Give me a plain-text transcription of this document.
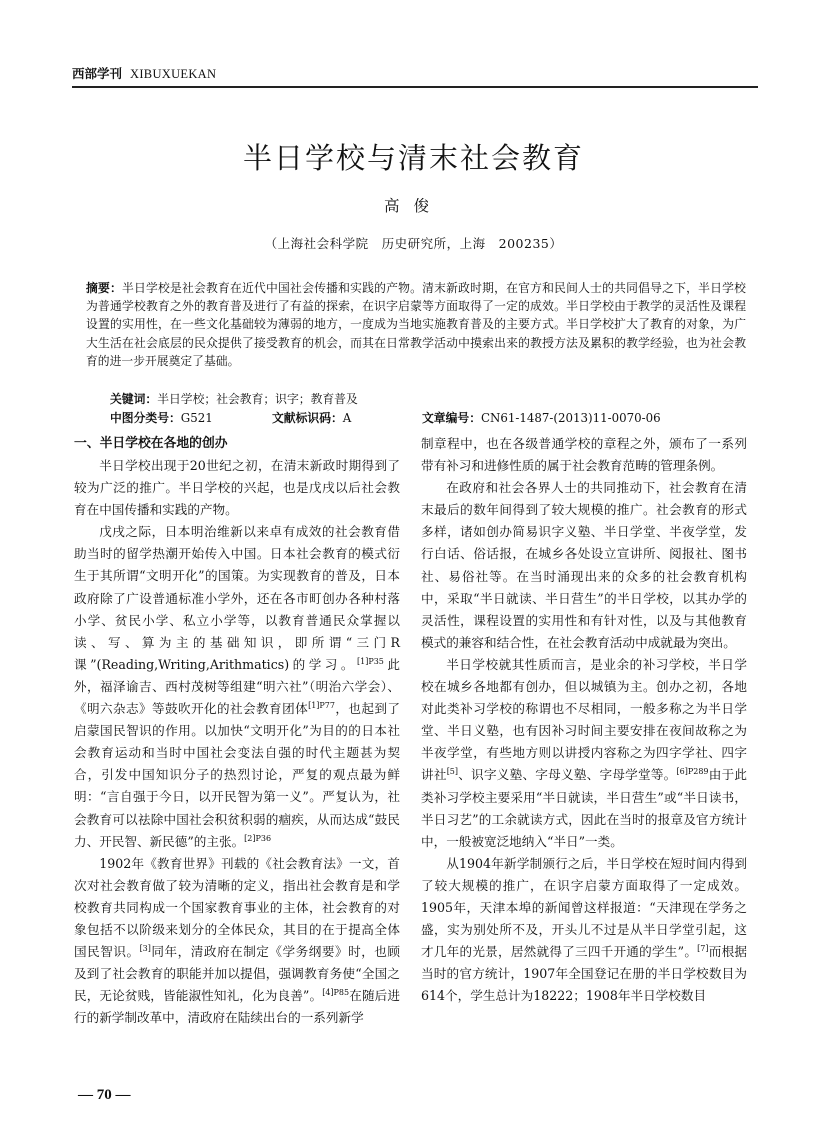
西部学刊 XIBUXUEKAN
半日学校与清末社会教育
高俊
（上海社会科学院　历史研究所，上海　200235）
摘要：半日学校是社会教育在近代中国社会传播和实践的产物。清末新政时期，在官方和民间人士的共同倡导之下，半日学校为普通学校教育之外的教育普及进行了有益的探索，在识字启蒙等方面取得了一定的成效。半日学校由于教学的灵活性及课程设置的实用性，在一些文化基础较为薄弱的地方，一度成为当地实施教育普及的主要方式。半日学校扩大了教育的对象，为广大生活在社会底层的民众提供了接受教育的机会，而其在日常教学活动中摸索出来的教授方法及累积的教学经验，也为社会教育的进一步开展奠定了基础。
关键词：半日学校；社会教育；识字；教育普及
中图分类号：G521	文献标识码：A	文章编号：CN61-1487-(2013)11-0070-06

一、半日学校在各地的创办

半日学校出现于20世纪之初，在清末新政时期得到了较为广泛的推广。半日学校的兴起，也是戊戌以后社会教育在中国传播和实践的产物。

戊戌之际，日本明治维新以来卓有成效的社会教育借助当时的留学热潮开始传入中国。日本社会教育的模式衍生于其所谓“文明开化”的国策。为实现教育的普及，日本政府除了广设普通标准小学外，还在各市町创办各种村落小学、贫民小学、私立小学等，以教育普通民众掌握以读、写、算为主的基础知识，即所谓“三门R课”(Reading,Writing,Arithmatics)的学习。$^{[1]P35}$此外，福泽谕吉、西村茂树等组建“明六社”（明治六学会）、《明六杂志》等鼓吹开化的社会教育团体$^{[1]P77}$，也起到了启蒙国民智识的作用。以加快“文明开化”为目的的日本社会教育运动和当时中国社会变法自强的时代主题甚为契合，引发中国知识分子的热烈讨论，严复的观点最为鲜明：“言自强于今日，以开民智为第一义”。严复认为，社会教育可以祛除中国社会积贫积弱的痼疾，从而达成“鼓民力、开民智、新民德”的主张。$^{[2]P36}$

1902年《教育世界》刊载的《社会教育法》一文，首次对社会教育做了较为清晰的定义，指出社会教育是和学校教育共同构成一个国家教育事业的主体，社会教育的对象包括不以阶级来划分的全体民众，其目的在于提高全体国民智识。[3]同年，清政府在制定《学务纲要》时，也顾及到了社会教育的职能并加以提倡，强调教育务使“全国之民，无论贫贱，皆能淑性知礼，化为良善”。$^{[4]P85}$在随后进行的新学制改革中，清政府在陆续出台的一系列新学

制章程中，也在各级普通学校的章程之外，颁布了一系列带有补习和进修性质的属于社会教育范畴的管理条例。

在政府和社会各界人士的共同推动下，社会教育在清末最后的数年间得到了较大规模的推广。社会教育的形式多样，诸如创办简易识字义塾、半日学堂、半夜学堂，发行白话、俗话报，在城乡各处设立宣讲所、阅报社、图书社、易俗社等。在当时涌现出来的众多的社会教育机构中，采取“半日就读、半日营生”的半日学校，以其办学的灵活性，课程设置的实用性和有针对性，以及与其他教育模式的兼容和结合性，在社会教育活动中成就最为突出。

半日学校就其性质而言，是业余的补习学校，半日学校在城乡各地都有创办，但以城镇为主。创办之初，各地对此类补习学校的称谓也不尽相同，一般多称之为半日学堂、半日义塾，也有因补习时间主要安排在夜间故称之为半夜学堂，有些地方则以讲授内容称之为四字学社、四字讲社[5]、识字义塾、字母义塾、字母学堂等。$^{[6]P289}$由于此类补习学校主要采用“半日就读，半日营生”或“半日读书，半日习艺”的工余就读方式，因此在当时的报章及官方统计中，一般被宽泛地纳入“半日”一类。

从1904年新学制颁行之后，半日学校在短时间内得到了较大规模的推广，在识字启蒙方面取得了一定成效。1905年，天津本埠的新闻曾这样报道：“天津现在学务之盛，实为别处所不及，开头儿不过是从半日学堂引起，这才几年的光景，居然就得了三四千开通的学生”。[7]而根据当时的官方统计，1907年全国登记在册的半日学校数目为614个，学生总计为18222；1908年半日学校数目

— 70 —
